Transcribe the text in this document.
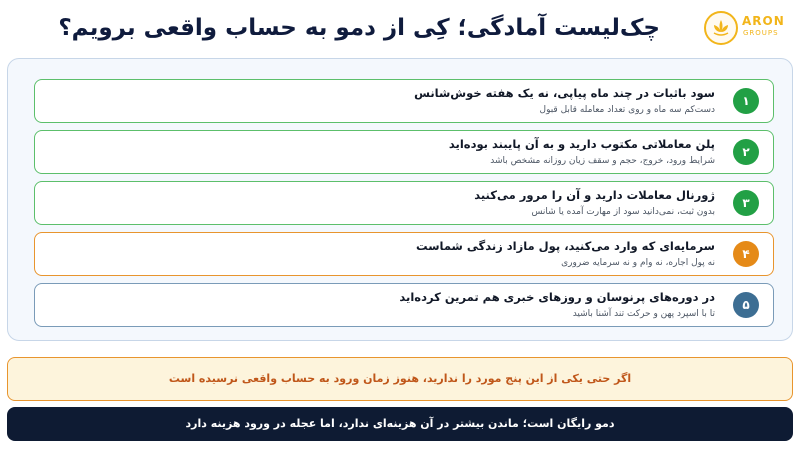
چک‌لیست آمادگی؛ کِی از دمو به حساب واقعی برویم؟	ARON
GROUPS
۱
سود باثبات در چند ماه پیاپی، نه یک هفته خوش‌شانس
دست‌کم سه ماه و روی تعداد معامله قابل قبول
۲
پلن معاملاتی مکتوب دارید و به آن پایبند بوده‌اید
شرایط ورود، خروج، حجم و سقف زیان روزانه مشخص باشد
۳
ژورنال معاملات دارید و آن را مرور می‌کنید
بدون ثبت، نمی‌دانید سود از مهارت آمده یا شانس
۴
سرمایه‌ای که وارد می‌کنید، پول مازاد زندگی شماست
نه پول اجاره، نه وام و نه سرمایه ضروری
۵
در دوره‌های پرنوسان و روزهای خبری هم تمرین کرده‌اید
تا با اسپرد پهن و حرکت تند آشنا باشید
اگر حتی یکی از این پنج مورد را ندارید، هنوز زمان ورود به حساب واقعی نرسیده است
دمو رایگان است؛ ماندن بیشتر در آن هزینه‌ای ندارد، اما عجله در ورود هزینه دارد
